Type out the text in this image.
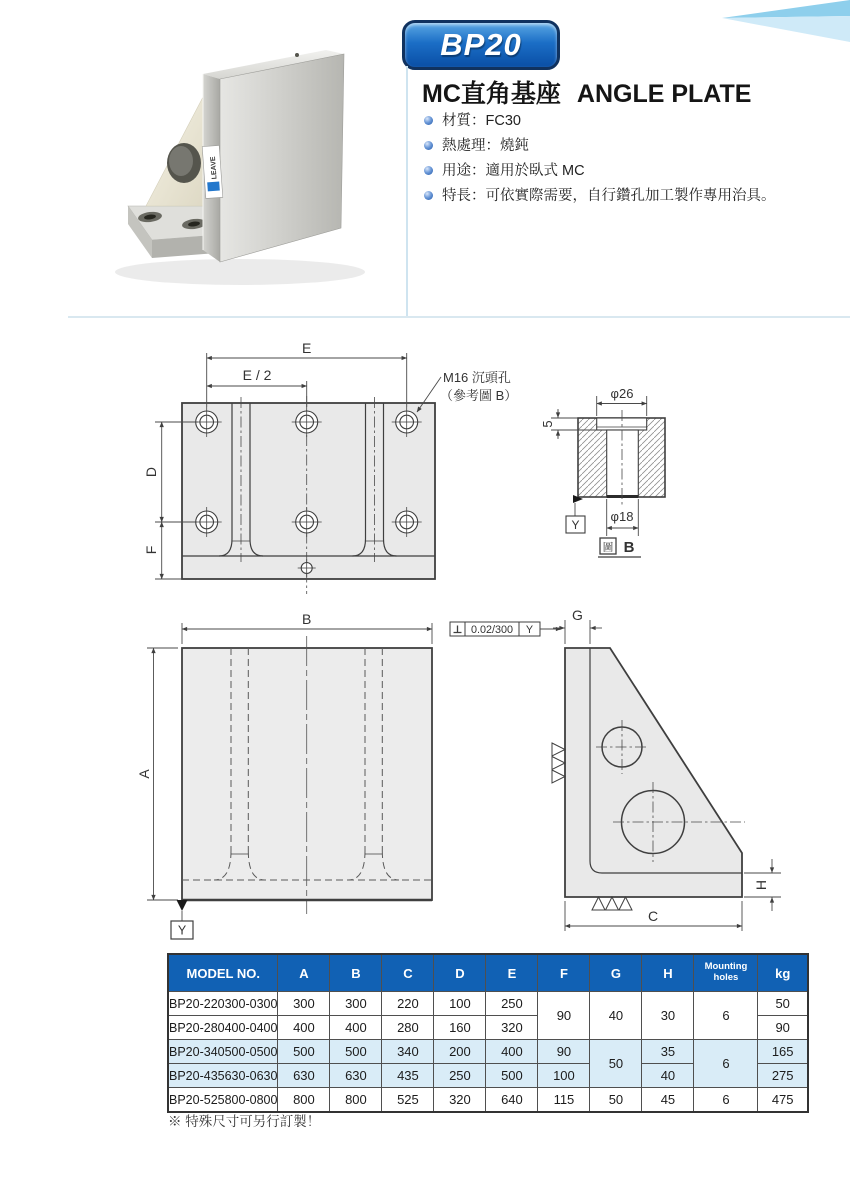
LEAVE
BP20
MC直角基座 ANGLE PLATE
材質：FC30
熱處理：燒鈍
用途：適用於臥式 MC
特長：可依實際需要，自行鑽孔加工製作專用治具。
E
E / 2
D
F
M16 沉頭孔
（參考圖 B）	φ26
5
Y
φ18
圖 B
B
A
Y
0.02/300 Y
G
H
C
MODEL NO.	A	B	C	D	E	F	G	H	Mounting holes	kg
BP20-220300-0300	300	300	220	100	250	90	40	30	6	50
BP20-280400-0400	400	400	280	160	320					90
BP20-340500-0500	500	500	340	200	400	90	50	35	6	165
BP20-435630-0630	630	630	435	250	500	100		40		275
BP20-525800-0800	800	800	525	320	640	115	50	45	6	475
※ 特殊尺寸可另行訂製！
